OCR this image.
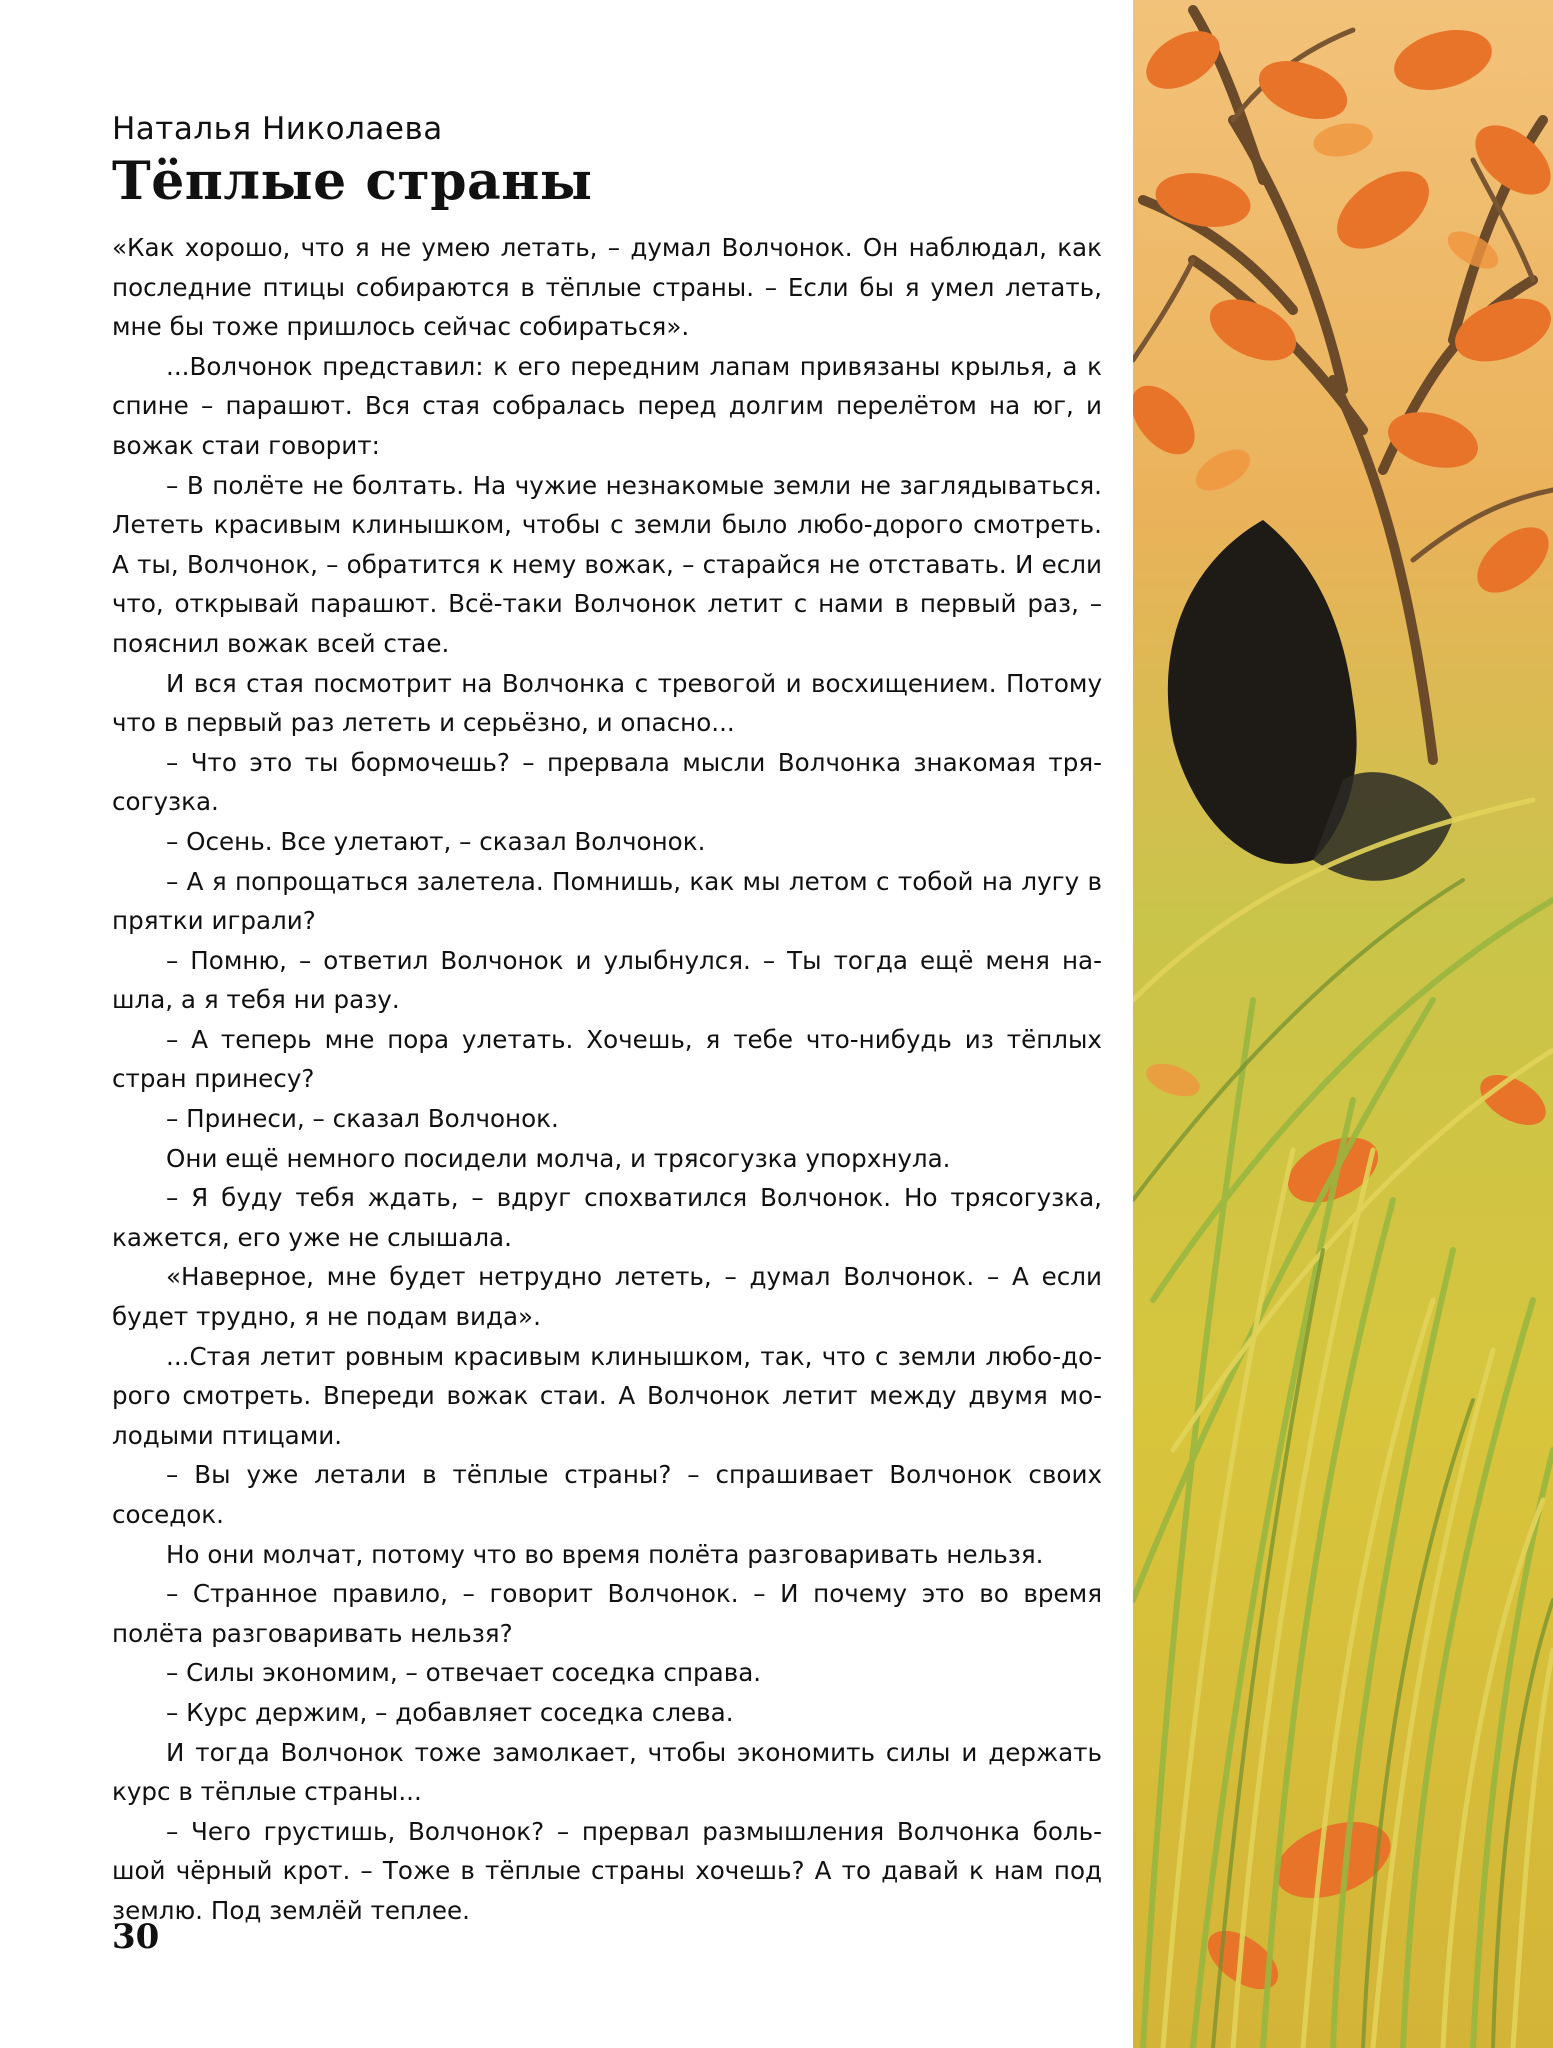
Наталья Николаева

Тёплые страны

«Как хорошо, что я не умею летать, – думал Волчонок. Он наблюдал, как последние птицы собираются в тёплые страны. – Если бы я умел летать, мне бы тоже пришлось сейчас собираться».

...Волчонок представил: к его передним лапам привязаны крылья, а к спине – парашют. Вся стая собралась перед долгим перелётом на юг, и вожак стаи говорит:

– В полёте не болтать. На чужие незнакомые земли не заглядываться. Лететь красивым клинышком, чтобы с земли было любо-дорого смотреть. А ты, Волчонок, – обратится к нему вожак, – старайся не отставать. И если что, открывай парашют. Всё-таки Волчонок летит с нами в первый раз, – пояснил вожак всей стае.

И вся стая посмотрит на Волчонка с тревогой и восхищением. Потому что в первый раз лететь и серьёзно, и опасно...

– Что это ты бормочешь? – прервала мысли Волчонка знакомая трясогузка.

– Осень. Все улетают, – сказал Волчонок.

– А я попрощаться залетела. Помнишь, как мы летом с тобой на лугу в прятки играли?

– Помню, – ответил Волчонок и улыбнулся. – Ты тогда ещё меня нашла, а я тебя ни разу.

– А теперь мне пора улетать. Хочешь, я тебе что-нибудь из тёплых стран принесу?

– Принеси, – сказал Волчонок.

Они ещё немного посидели молча, и трясогузка упорхнула.

– Я буду тебя ждать, – вдруг спохватился Волчонок. Но трясогузка, кажется, его уже не слышала.

«Наверное, мне будет нетрудно лететь, – думал Волчонок. – А если будет трудно, я не подам вида».

...Стая летит ровным красивым клинышком, так, что с земли любо-дорого смотреть. Впереди вожак стаи. А Волчонок летит между двумя молодыми птицами.

– Вы уже летали в тёплые страны? – спрашивает Волчонок своих соседок.

Но они молчат, потому что во время полёта разговаривать нельзя.

– Странное правило, – говорит Волчонок. – И почему это во время полёта разговаривать нельзя?

– Силы экономим, – отвечает соседка справа.

– Курс держим, – добавляет соседка слева.

И тогда Волчонок тоже замолкает, чтобы экономить силы и держать курс в тёплые страны...

– Чего грустишь, Волчонок? – прервал размышления Волчонка большой чёрный крот. – Тоже в тёплые страны хочешь? А то давай к нам под землю. Под землёй теплее.

30
